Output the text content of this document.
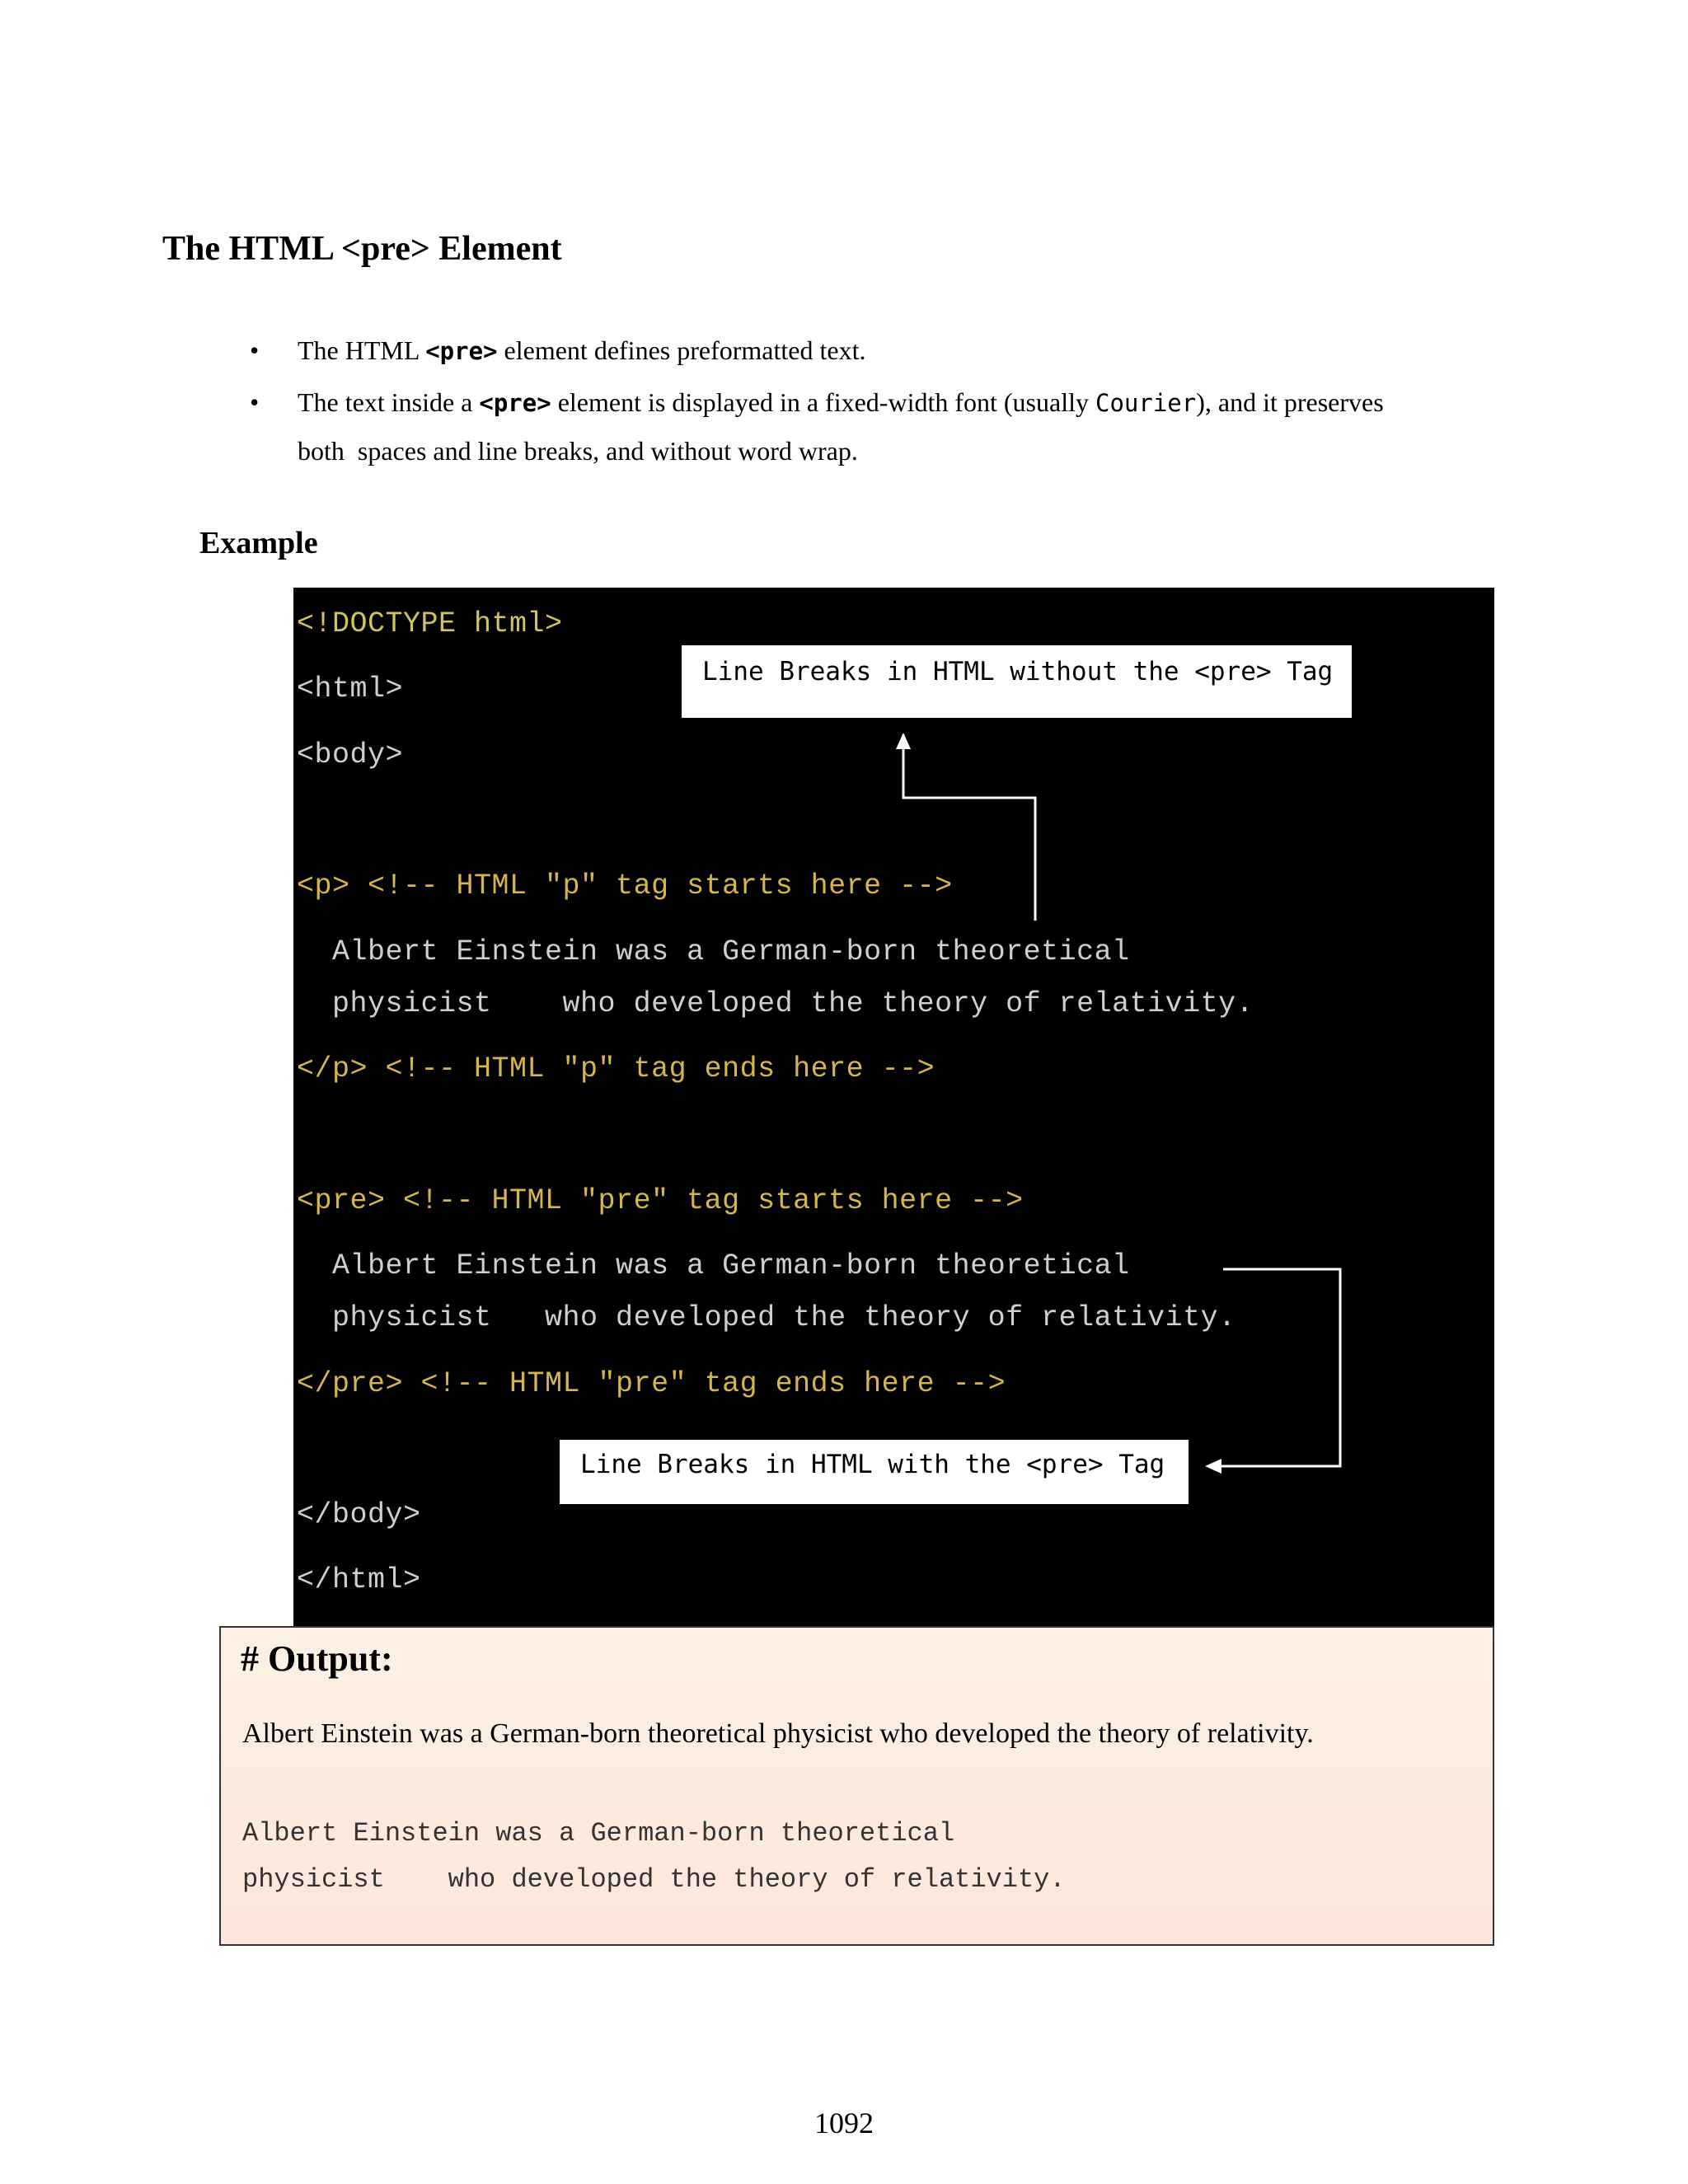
The HTML <pre> Element
• The HTML <pre> element defines preformatted text.
• The text inside a <pre> element is displayed in a fixed-width font (usually Courier), and it preserves
both  spaces and line breaks, and without word wrap.
Example
<!DOCTYPE html>
<html>
<body>
<p> <!-- HTML "p" tag starts here -->
Albert Einstein was a German-born theoretical
physicist    who developed the theory of relativity.
</p> <!-- HTML "p" tag ends here -->
<pre> <!-- HTML "pre" tag starts here -->
Albert Einstein was a German-born theoretical
physicist   who developed the theory of relativity.
</pre> <!-- HTML "pre" tag ends here -->
</body>
</html>
Line Breaks in HTML without the <pre> Tag
Line Breaks in HTML with the <pre> Tag
# Output:
Albert Einstein was a German-born theoretical physicist who developed the theory of relativity.
Albert Einstein was a German-born theoretical
physicist    who developed the theory of relativity.
1092
